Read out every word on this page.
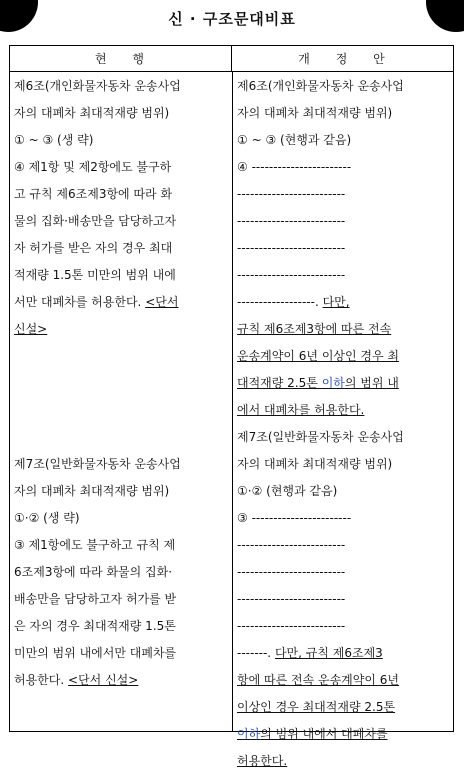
신 · 구조문대비표
현 행	개 정 안
제6조(개인화물자동차 운송사업
자의 대폐차 최대적재량 범위)
① ~ ③ (생 략)
④ 제1항 및 제2항에도 불구하
고 규칙 제6조제3항에 따라 화
물의 집화·배송만을 담당하고자
자 허가를 받은 자의 경우 최대
적재량 1.5톤 미만의 범위 내에
서만 대폐차를 허용한다. <단서
신설>

제7조(일반화물자동차 운송사업
자의 대폐차 최대적재량 범위)
①·② (생 략)
③ 제1항에도 불구하고 규칙 제
6조제3항에 따라 화물의 집화·
배송만을 담당하고자 허가를 받
은 자의 경우 최대적재량 1.5톤
미만의 범위 내에서만 대폐차를
허용한다. <단서 신설>
제6조(개인화물자동차 운송사업
자의 대폐차 최대적재량 범위)
① ~ ③ (현행과 같음)
④ -----------------------
-------------------------
-------------------------
-------------------------
-------------------------
------------------. 다만,
규칙 제6조제3항에 따른 전속
운송계약이 6년 이상인 경우 최
대적재량 2.5톤 이하의 범위 내
에서 대폐차를 허용한다.
제7조(일반화물자동차 운송사업
자의 대폐차 최대적재량 범위)
①·② (현행과 같음)
③ -----------------------
-------------------------
-------------------------
-------------------------
-------------------------
-------. 다만, 규칙 제6조제3
항에 따른 전속 운송계약이 6년
이상인 경우 최대적재량 2.5톤
이하의 범위 내에서 대폐차를
허용한다.
